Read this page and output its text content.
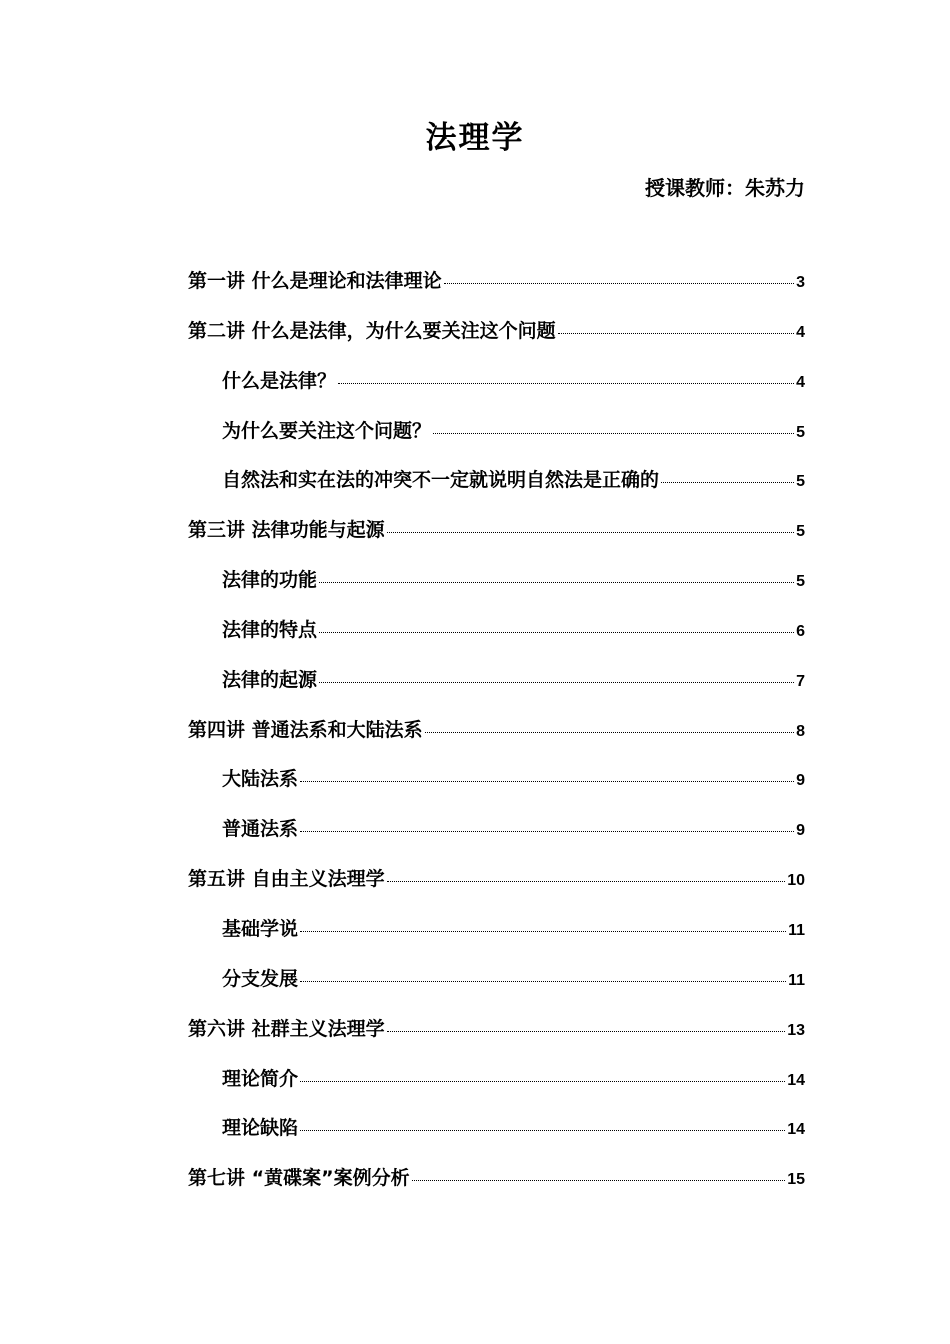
法理学
授课教师：朱苏力
第一讲 什么是理论和法律理论	3
第二讲 什么是法律，为什么要关注这个问题	4
什么是法律？	4
为什么要关注这个问题？	5
自然法和实在法的冲突不一定就说明自然法是正确的	5
第三讲 法律功能与起源	5
法律的功能	5
法律的特点	6
法律的起源	7
第四讲 普通法系和大陆法系	8
大陆法系	9
普通法系	9
第五讲 自由主义法理学	10
基础学说	11
分支发展	11
第六讲 社群主义法理学	13
理论简介	14
理论缺陷	14
第七讲 “黄碟案”案例分析	15
